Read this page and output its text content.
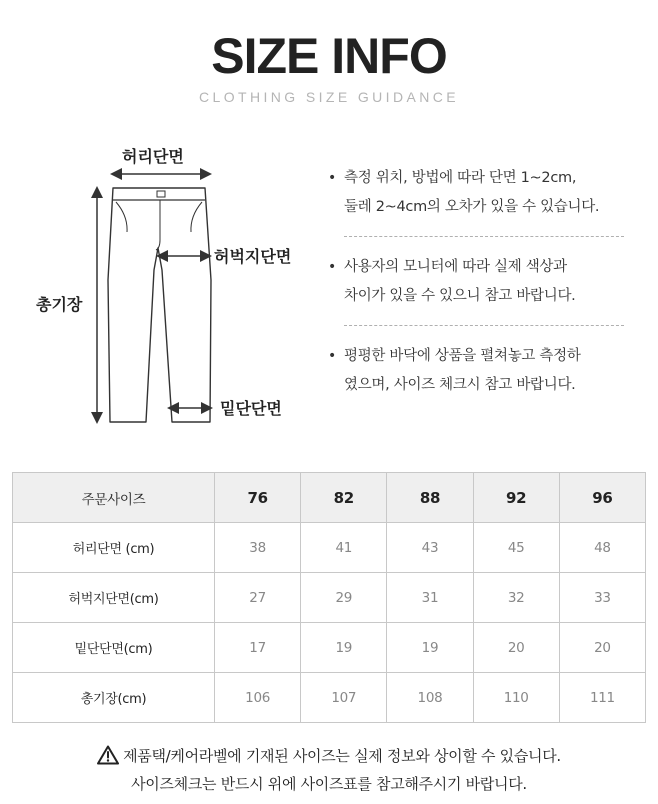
SIZE INFO
CLOTHING SIZE GUIDANCE
허리단면
허벅지단면
총기장
밑단단면
• 측정 위치, 방법에 따라 단면 1~2cm,
둘레 2~4cm의 오차가 있을 수 있습니다.
• 사용자의 모니터에 따라 실제 색상과
차이가 있을 수 있으니 참고 바랍니다.
• 평평한 바닥에 상품을 펼쳐놓고 측정하
였으며, 사이즈 체크시 참고 바랍니다.
주문사이즈	76	82	88	92	96
허리단면 (cm)	38	41	43	45	48
허벅지단면(cm)	27	29	31	32	33
밑단단면(cm)	17	19	19	20	20
총기장(cm)	106	107	108	110	111
제품택/케어라벨에 기재된 사이즈는 실제 정보와 상이할 수 있습니다.
사이즈체크는 반드시 위에 사이즈표를 참고해주시기 바랍니다.
